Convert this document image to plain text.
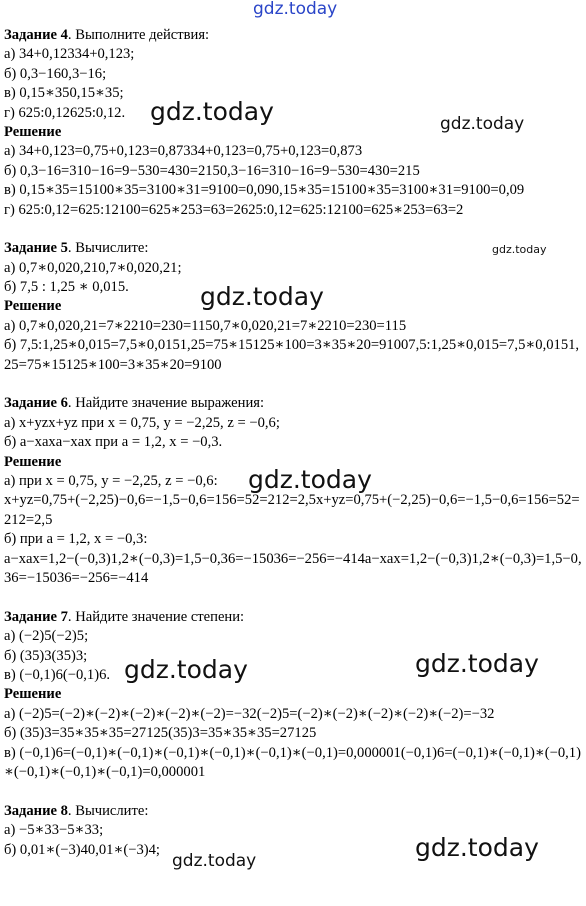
gdz.today
gdz.today	gdz.today
gdz.today
gdz.today
gdz.today
gdz.today	gdz.today
gdz.today	gdz.today
Задание 4. Выполните действия:
а) 34+0,12334+0,123;
б) 0,3−160,3−16;
в) 0,15∗350,15∗35;
г) 625:0,12625:0,12.
Решение
а) 34+0,123=0,75+0,123=0,87334+0,123=0,75+0,123=0,873
б) 0,3−16=310−16=9−530=430=2150,3−16=310−16=9−530=430=215
в) 0,15∗35=15100∗35=3100∗31=9100=0,090,15∗35=15100∗35=3100∗31=9100=0,09
г) 625:0,12=625:12100=625∗253=63=2625:0,12=625:12100=625∗253=63=2
Задание 5. Вычислите:
а) 0,7∗0,020,210,7∗0,020,21;
б) 7,5 : 1,25 ∗ 0,015.
Решение
а) 0,7∗0,020,21=7∗2210=230=1150,7∗0,020,21=7∗2210=230=115
б) 7,5:1,25∗0,015=7,5∗0,0151,25=75∗15125∗100=3∗35∗20=91007,5:1,25∗0,015=7,5∗0,0151,25=75∗15125∗100=3∗35∗20=9100
Задание 6. Найдите значение выражения:
а) x+yzx+yz при x = 0,75, y = −2,25, z = −0,6;
б) a−xaxa−xax при a = 1,2, x = −0,3.
Решение
а) при x = 0,75, y = −2,25, z = −0,6:
x+yz=0,75+(−2,25)−0,6=−1,5−0,6=156=52=212=2,5x+yz=0,75+(−2,25)−0,6=−1,5−0,6=156=52=212=2,5
б) при a = 1,2, x = −0,3:
a−xax=1,2−(−0,3)1,2∗(−0,3)=1,5−0,36=−15036=−256=−414a−xax=1,2−(−0,3)1,2∗(−0,3)=1,5−0,36=−15036=−256=−414
Задание 7. Найдите значение степени:
а) (−2)5(−2)5;
б) (35)3(35)3;
в) (−0,1)6(−0,1)6.
Решение
а) (−2)5=(−2)∗(−2)∗(−2)∗(−2)∗(−2)=−32(−2)5=(−2)∗(−2)∗(−2)∗(−2)∗(−2)=−32
б) (35)3=35∗35∗35=27125(35)3=35∗35∗35=27125
в) (−0,1)6=(−0,1)∗(−0,1)∗(−0,1)∗(−0,1)∗(−0,1)∗(−0,1)=0,000001(−0,1)6=(−0,1)∗(−0,1)∗(−0,1)∗(−0,1)∗(−0,1)∗(−0,1)=0,000001
Задание 8. Вычислите:
а) −5∗33−5∗33;
б) 0,01∗(−3)40,01∗(−3)4;
